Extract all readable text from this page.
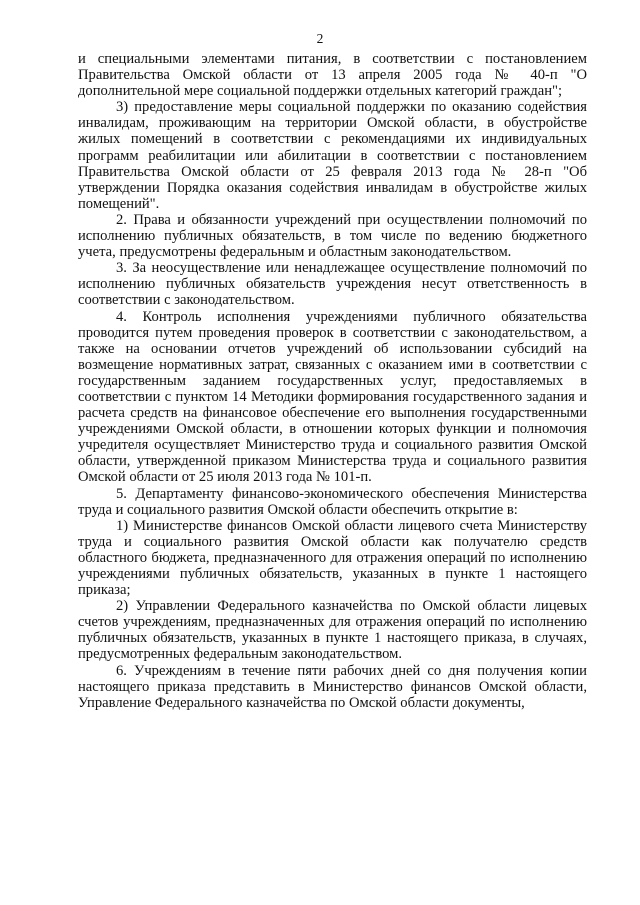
2

и специальными элементами питания, в соответствии с постановлением Правительства Омской области от 13 апреля 2005 года № 40-п "О дополнительной мере социальной поддержки отдельных категорий граждан";

3) предоставление меры социальной поддержки по оказанию содействия инвалидам, проживающим на территории Омской области, в обустройстве жилых помещений в соответствии с рекомендациями их индивидуальных программ реабилитации или абилитации в соответствии с постановлением Правительства Омской области от 25 февраля 2013 года № 28-п "Об утверждении Порядка оказания содействия инвалидам в обустройстве жилых помещений".

2. Права и обязанности учреждений при осуществлении полномочий по исполнению публичных обязательств, в том числе по ведению бюджетного учета, предусмотрены федеральным и областным законодательством.

3. За неосуществление или ненадлежащее осуществление полномочий по исполнению публичных обязательств учреждения несут ответственность в соответствии с законодательством.

4. Контроль исполнения учреждениями публичного обязательства проводится путем проведения проверок в соответствии с законодательством, а также на основании отчетов учреждений об использовании субсидий на возмещение нормативных затрат, связанных с оказанием ими в соответствии с государственным заданием государственных услуг, предоставляемых в соответствии с пунктом 14 Методики формирования государственного задания и расчета средств на финансовое обеспечение его выполнения государственными учреждениями Омской области, в отношении которых функции и полномочия учредителя осуществляет Министерство труда и социального развития Омской области, утвержденной приказом Министерства труда и социального развития Омской области от 25 июля 2013 года № 101-п.

5. Департаменту финансово-экономического обеспечения Министерства труда и социального развития Омской области обеспечить открытие в:

1) Министерстве финансов Омской области лицевого счета Министерству труда и социального развития Омской области как получателю средств областного бюджета, предназначенного для отражения операций по исполнению учреждениями публичных обязательств, указанных в пункте 1 настоящего приказа;

2) Управлении Федерального казначейства по Омской области лицевых счетов учреждениям, предназначенных для отражения операций по исполнению публичных обязательств, указанных в пункте 1 настоящего приказа, в случаях, предусмотренных федеральным законодательством.

6. Учреждениям в течение пяти рабочих дней со дня получения копии настоящего приказа представить в Министерство финансов Омской области, Управление Федерального казначейства по Омской области документы,
